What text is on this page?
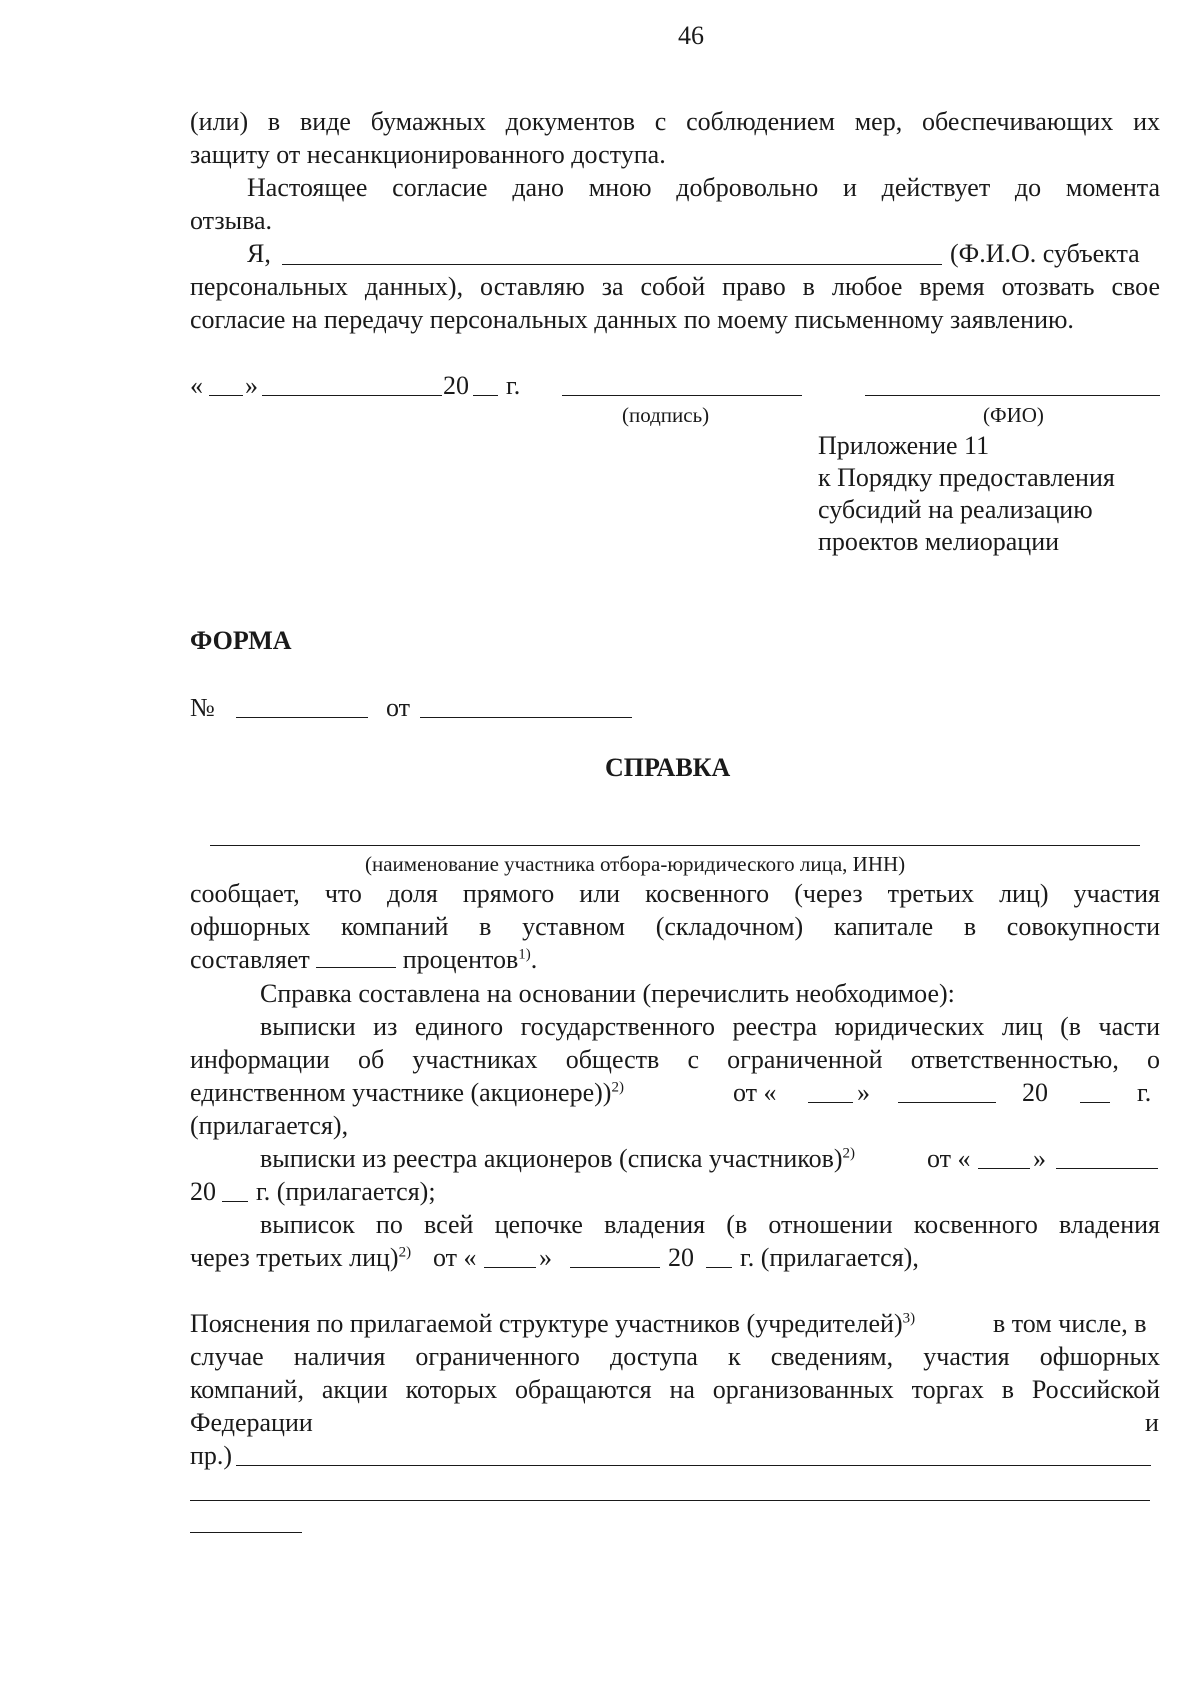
46
(или) в виде бумажных документов с соблюдением мер, обеспечивающих их
защиту от несанкционированного доступа.
Настоящее согласие дано мною добровольно и действует до момента
отзыва.
Я,	(Ф.И.О. субъекта
персональных данных), оставляю за собой право в любое время отозвать свое
согласие на передачу персональных данных по моему письменному заявлению.
« »	20 г.
(подпись)	(ФИО)
Приложение 11
к Порядку предоставления
субсидий на реализацию
проектов мелиорации
ФОРМА
№	от
СПРАВКА
(наименование участника отбора-юридического лица, ИНН)
сообщает, что доля прямого или косвенного (через третьих лиц) участия
офшорных компаний в уставном (складочном) капитале в совокупности
составляет	процентов$^{1)}$.
Справка составлена на основании (перечислить необходимое):
выписки из единого государственного реестра юридических лиц (в части
информации об участниках обществ с ограниченной ответственностью, о
единственном участнике (акционере))$^{2)}$	от «	»	20	г.
(прилагается),
выписки из реестра акционеров (списка участников)$^{2)}$	от « »
20 г. (прилагается);
выписок по всей цепочке владения (в отношении косвенного владения
через третьих лиц)$^{2)}$ от « »	20 г. (прилагается),
Пояснения по прилагаемой структуре участников (учредителей)$^{3)}$	в том числе, в
случае наличия ограниченного доступа к сведениям, участия офшорных
компаний, акции которых обращаются на организованных торгах в Российской
Федерации	и
пр.)
